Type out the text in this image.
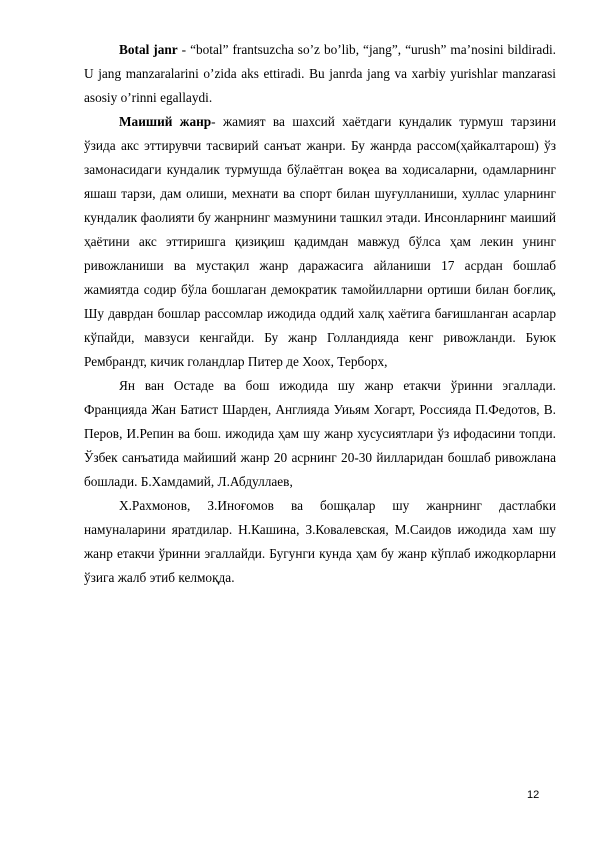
Botal janr - “botal” frantsuzcha so’z bo’lib, “jang”, “urush” ma’nosini bildiradi. U jang manzaralarini o’zida aks ettiradi. Bu janrda jang va xarbiy yurishlar manzarasi asosiy o’rinni egallaydi.

Маиший жанр- жамият ва шахсий хаётдаги кундалик турмуш тарзини ўзида акс эттирувчи тасвирий санъат жанри. Бу жанрда рассом(ҳайкалтарош) ўз замонасидаги кундалик турмушда бўлаётган воқеа ва ходисаларни, одамларнинг яшаш тарзи, дам олиши, мехнати ва спорт билан шуғулланиши, хуллас уларнинг кундалик фаолияти бу жанрнинг мазмунини ташкил этади. Инсонларнинг маиший ҳаётини акс эттиришга қизиқиш қадимдан мавжуд бўлса ҳам лекин унинг ривожланиши ва мустақил жанр даражасига айланиши 17 асрдан бошлаб жамиятда содир бўла бошлаган демократик тамойилларни ортиши билан боғлиқ, Шу даврдан бошлар рассомлар ижодида оддий халқ хаётига бағишланган асарлар кўпайди, мавзуси кенгайди. Бу жанр Голландияда кенг ривожланди. Буюк Рембрандт, кичик голандлар Питер де Хоох, Терборх,

Ян ван Остаде ва бош ижодида шу жанр етакчи ўринни эгаллади. Францияда Жан Батист Шарден, Англияда Уиьям Хогарт, Россияда П.Федотов, В. Перов, И.Репин ва бош. ижодида ҳам шу жанр хусусиятлари ўз ифодасини топди. Ўзбек санъатида майиший жанр 20 асрнинг 20-30 йилларидан бошлаб ривожлана бошлади. Б.Хамдамий, Л.Абдуллаев,

Х.Рахмонов, З.Иноғомов ва бошқалар шу жанрнинг дастлабки намуналарини яратдилар. Н.Кашина, З.Ковалевская, М.Саидов ижодида хам шу жанр етакчи ўринни эгаллайди. Бугунги кунда ҳам бу жанр кўплаб ижодкорларни ўзига жалб этиб келмоқда.

12
